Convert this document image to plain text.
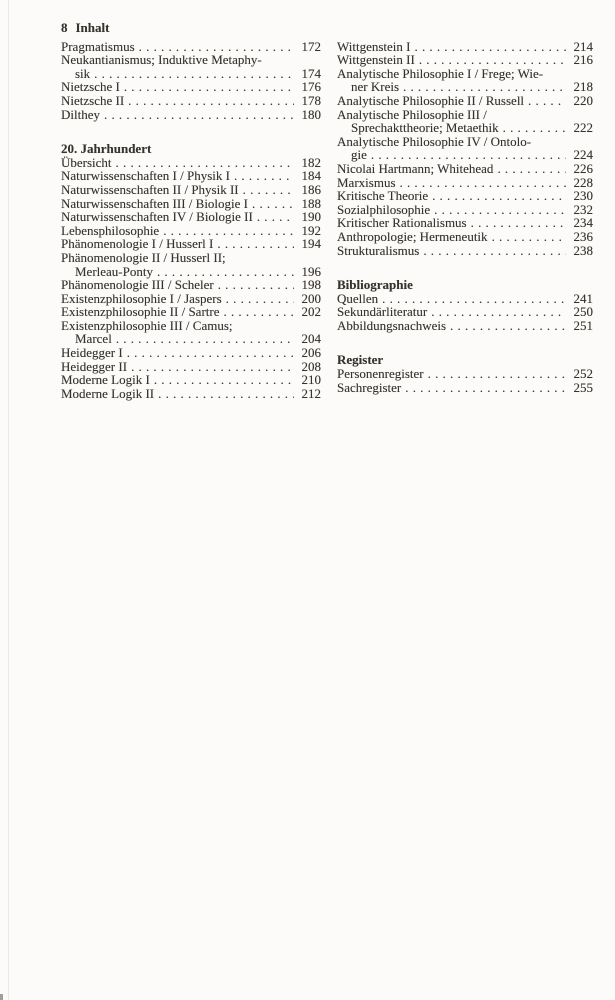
8 Inhalt
Pragmatismus .....	172
Neukantianismus; Induktive Metaphy-
sik .....	174
Nietzsche I .....	176
Nietzsche II .....	178
Dilthey .....	180
20. Jahrhundert
Übersicht .....	182
Naturwissenschaften I / Physik I .....	184
Naturwissenschaften II / Physik II .....	186
Naturwissenschaften III / Biologie I .....	188
Naturwissenschaften IV / Biologie II .....	190
Lebensphilosophie .....	192
Phänomenologie I / Husserl I .....	194
Phänomenologie II / Husserl II;
Merleau-Ponty .....	196
Phänomenologie III / Scheler .....	198
Existenzphilosophie I / Jaspers .....	200
Existenzphilosophie II / Sartre .....	202
Existenzphilosophie III / Camus;
Marcel .....	204
Heidegger I .....	206
Heidegger II .....	208
Moderne Logik I .....	210
Moderne Logik II .....	212
Wittgenstein I .....	214
Wittgenstein II .....	216
Analytische Philosophie I / Frege; Wie-
ner Kreis .....	218
Analytische Philosophie II / Russell .....	220
Analytische Philosophie III /
Sprechakttheorie; Metaethik .....	222
Analytische Philosophie IV / Ontolo-
gie .....	224
Nicolai Hartmann; Whitehead .....	226
Marxismus .....	228
Kritische Theorie .....	230
Sozialphilosophie .....	232
Kritischer Rationalismus .....	234
Anthropologie; Hermeneutik .....	236
Strukturalismus .....	238
Bibliographie
Quellen .....	241
Sekundärliteratur .....	250
Abbildungsnachweis .....	251
Register
Personenregister .....	252
Sachregister .....	255
